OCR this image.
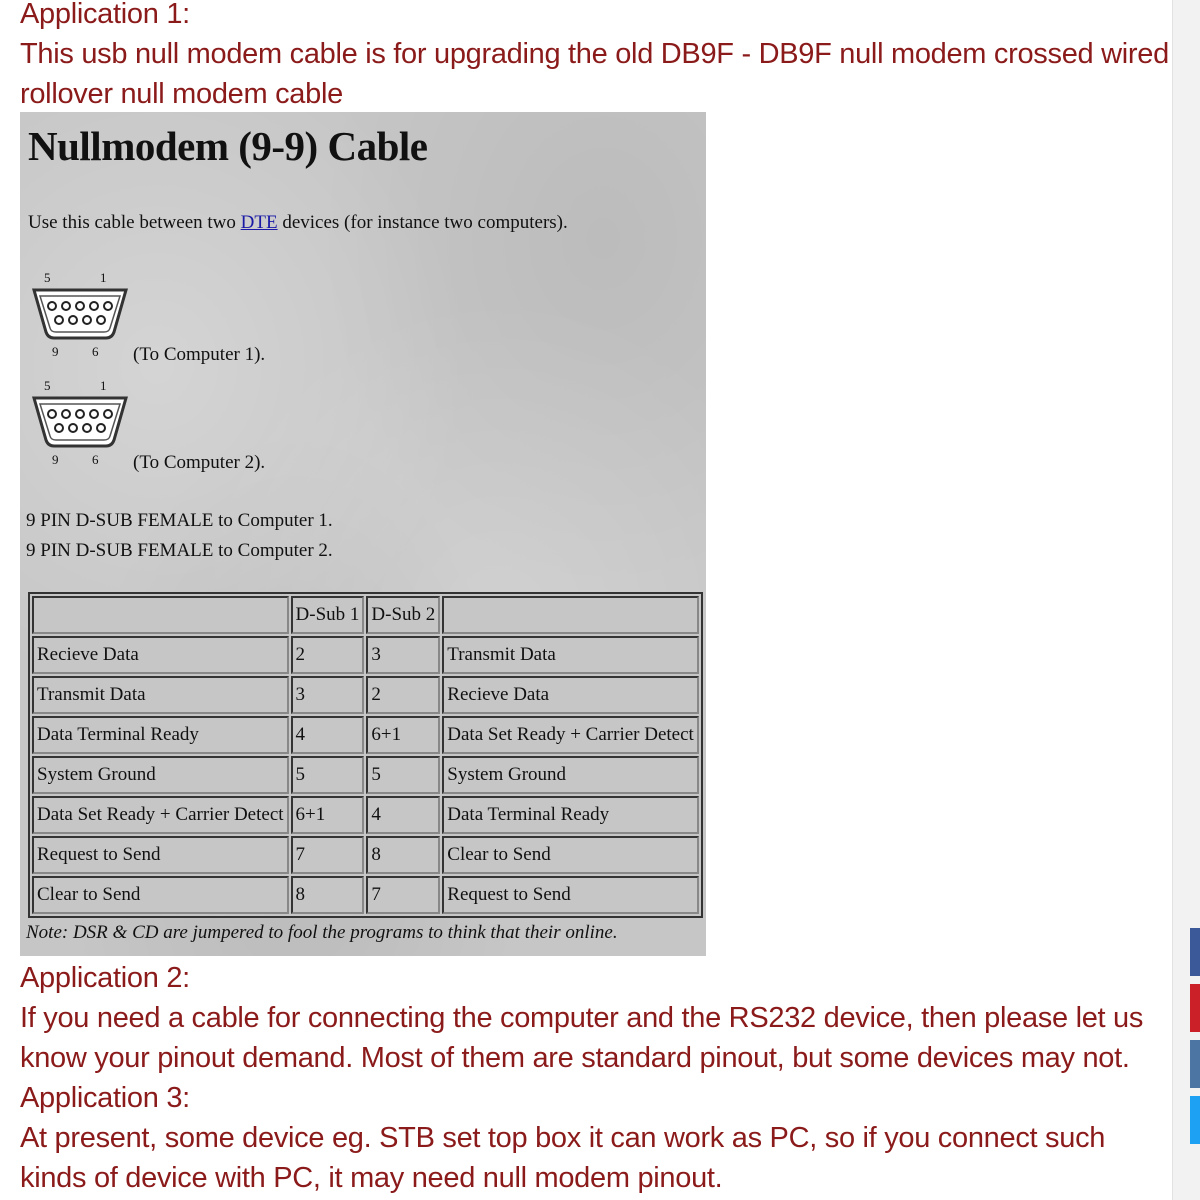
Application 1:
This usb null modem cable is for upgrading the old DB9F - DB9F null modem crossed wired rollover null modem cable
Nullmodem (9-9) Cable
Use this cable between two DTE devices (for instance two computers).
5	1
9	6 (To Computer 1).
5	1
9	6 (To Computer 2).
9 PIN D-SUB FEMALE to Computer 1.
9 PIN D-SUB FEMALE to Computer 2.
	D-Sub 1	D-Sub 2	
Recieve Data	2	3	Transmit Data
Transmit Data	3	2	Recieve Data
Data Terminal Ready	4	6+1	Data Set Ready + Carrier Detect
System Ground	5	5	System Ground
Data Set Ready + Carrier Detect	6+1	4	Data Terminal Ready
Request to Send	7	8	Clear to Send
Clear to Send	8	7	Request to Send
Note: DSR & CD are jumpered to fool the programs to think that their online.
Application 2:
If you need a cable for connecting the computer and the RS232 device, then please let us know your pinout demand. Most of them are standard pinout, but some devices may not.
Application 3:
At present, some device eg. STB set top box it can work as PC, so if you connect such kinds of device with PC, it may need null modem pinout.
